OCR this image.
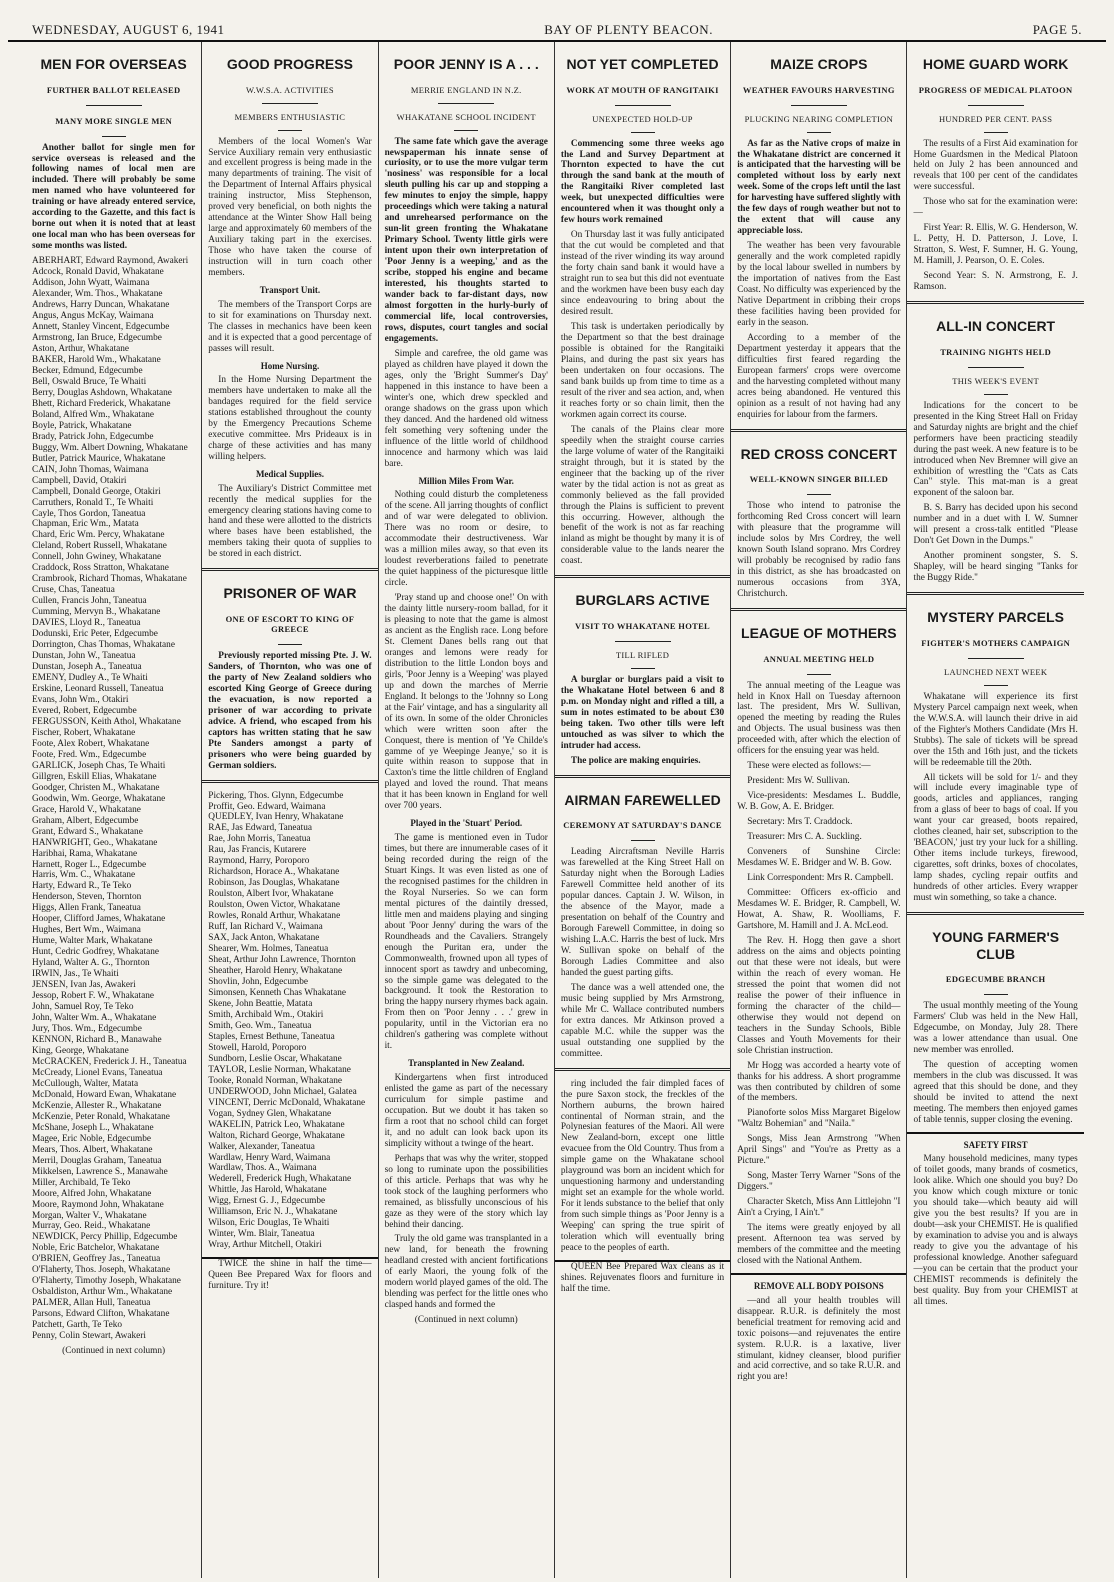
WEDNESDAY, AUGUST 6, 1941	BAY OF PLENTY BEACON.	PAGE 5.
MEN FOR OVERSEAS
FURTHER BALLOT RELEASED
MANY MORE SINGLE MEN

Another ballot for single men for service overseas is released and the following names of local men are included. There will probably be some men named who have volunteered for training or have already entered service, according to the Gazette, and this fact is borne out when it is noted that at least one local man who has been overseas for some months was listed.

ABERHART, Edward Raymond, Awakeri
Adcock, Ronald David, Whakatane
Addison, John Wyatt, Waimana
Alexander, Wm. Thos., Whakatane
Andrews, Harry Duncan, Whakatane
Angus, Angus McKay, Waimana
Annett, Stanley Vincent, Edgecumbe
Armstrong, Ian Bruce, Edgecumbe
Aston, Arthur, Whakatane
BAKER, Harold Wm., Whakatane
Becker, Edmund, Edgecumbe
Bell, Oswald Bruce, Te Whaiti
Berry, Douglas Ashdown, Whakatane
Bhett, Richard Frederick, Whakatane
Boland, Alfred Wm., Whakatane
Boyle, Patrick, Whakatane
Brady, Patrick John, Edgecumbe
Buggy, Wm. Albert Downing, Whakatane
Butler, Patrick Maurice, Whakatane
CAIN, John Thomas, Waimana
Campbell, David, Otakiri
Campbell, Donald George, Otakiri
Carruthers, Ronald T., Te Whaiti
Cayle, Thos Gordon, Taneatua
Chapman, Eric Wm., Matata
Chard, Eric Wm. Percy, Whakatane
Cleland, Robert Russell, Whakatane
Connell, John Gwiney, Whakatane
Craddock, Ross Stratton, Whakatane
Crambrook, Richard Thomas, Whakatane
Cruse, Chas, Taneatua
Cullen, Francis John, Taneatua
Cumming, Mervyn B., Whakatane
DAVIES, Lloyd R., Taneatua
Dodunski, Eric Peter, Edgecumbe
Dorrington, Chas Thomas, Whakatane
Dunstan, John W., Taneatua
Dunstan, Joseph A., Taneatua
EMENY, Dudley A., Te Whaiti
Erskine, Leonard Russell, Taneatua
Evans, John Wm., Otakiri
Evered, Robert, Edgecumbe
FERGUSSON, Keith Athol, Whakatane
Fischer, Robert, Whakatane
Foote, Alex Robert, Whakatane
Foote, Fred. Wm., Edgecumbe
GARLICK, Joseph Chas, Te Whaiti
Gillgren, Eskill Elias, Whakatane
Goodger, Christen M., Whakatane
Goodwin, Wm. George, Whakatane
Grace, Harold V., Whakatane
Graham, Albert, Edgecumbe
Grant, Edward S., Whakatane
HANWRIGHT, Geo., Whakatane
Haribhai, Rama, Whakatane
Harnett, Roger L., Edgecumbe
Harris, Wm. C., Whakatane
Harty, Edward R., Te Teko
Henderson, Steven, Thornton
Higgs, Allen Frank, Taneatua
Hooper, Clifford James, Whakatane
Hughes, Bert Wm., Waimana
Hume, Walter Mark, Whakatane
Hunt, Cedric Godfrey, Whakatane
Hyland, Walter A. G., Thornton
IRWIN, Jas., Te Whaiti
JENSEN, Ivan Jas, Awakeri
Jessop, Robert F. W., Whakatane
John, Samuel Roy, Te Teko
John, Walter Wm. A., Whakatane
Jury, Thos. Wm., Edgecumbe
KENNON, Richard B., Manawahe
King, George, Whakatane
McCRACKEN, Frederick J. H., Taneatua
McCready, Lionel Evans, Taneatua
McCullough, Walter, Matata
McDonald, Howard Ewan, Whakatane
McKenzie, Allester R., Whakatane
McKenzie, Peter Ronald, Whakatane
McShane, Joseph L., Whakatane
Magee, Eric Noble, Edgecumbe
Mears, Thos. Albert, Whakatane
Merril, Douglas Graham, Taneatua
Mikkelsen, Lawrence S., Manawahe
Miller, Archibald, Te Teko
Moore, Alfred John, Whakatane
Moore, Raymond John, Whakatane
Morgan, Walter V., Whakatane
Murray, Geo. Reid., Whakatane
NEWDICK, Percy Phillip, Edgecumbe
Noble, Eric Batchelor, Whakatane
O'BRIEN, Geoffrey Jas., Taneatua
O'Flaherty, Thos. Joseph, Whakatane
O'Flaherty, Timothy Joseph, Whakatane
Osbaldiston, Arthur Wm., Whakatane
PALMER, Allan Hull, Taneatua
Parsons, Edward Clifton, Whakatane
Patchett, Garth, Te Teko
Penny, Colin Stewart, Awakeri
(Continued in next column)
GOOD PROGRESS
W.W.S.A. ACTIVITIES
MEMBERS ENTHUSIASTIC

Members of the local Women's War Service Auxiliary remain very enthusiastic and excellent progress is being made in the many departments of training. The visit of the Department of Internal Affairs physical training instructor, Miss Stephenson, proved very beneficial, on both nights the attendance at the Winter Show Hall being large and approximately 60 members of the Auxiliary taking part in the exercises. Those who have taken the course of instruction will in turn coach other members.

Transport Unit.

The members of the Transport Corps are to sit for examinations on Thursday next. The classes in mechanics have been keen and it is expected that a good percentage of passes will result.

Home Nursing.

In the Home Nursing Department the members have undertaken to make all the bandages required for the field service stations established throughout the county by the Emergency Precautions Scheme executive committee. Mrs Prideaux is in charge of these activities and has many willing helpers.

Medical Supplies.

The Auxiliary's District Committee met recently the medical supplies for the emergency clearing stations having come to hand and these were allotted to the districts where bases have been established, the members taking their quota of supplies to be stored in each district.

PRISONER OF WAR
ONE OF ESCORT TO KING OF GREECE

Previously reported missing Pte. J. W. Sanders, of Thornton, who was one of the party of New Zealand soldiers who escorted King George of Greece during the evacuation, is now reported a prisoner of war according to private advice. A friend, who escaped from his captors has written stating that he saw Pte Sanders amongst a party of prisoners who were being guarded by German soldiers.

Pickering, Thos. Glynn, Edgecumbe
Proffit, Geo. Edward, Waimana
QUEDLEY, Ivan Henry, Whakatane
RAE, Jas Edward, Taneatua
Rae, John Morris, Taneatua
Rau, Jas Francis, Kutarere
Raymond, Harry, Poroporo
Richardson, Horace A., Whakatane
Robinson, Jas Douglas, Whakatane
Roulston, Albert Ivor, Whakatane
Roulston, Owen Victor, Whakatane
Rowles, Ronald Arthur, Whakatane
Ruff, Ian Richard V., Waimana
SAX, Jack Anton, Whakatane
Shearer, Wm. Holmes, Taneatua
Sheat, Arthur John Lawrence, Thornton
Sheather, Harold Henry, Whakatane
Shovlin, John, Edgecumbe
Simonsen, Kenneth Chas Whakatane
Skene, John Beattie, Matata
Smith, Archibald Wm., Otakiri
Smith, Geo. Wm., Taneatua
Staples, Ernest Bethune, Taneatua
Stowell, Harold, Poroporo
Sundborn, Leslie Oscar, Whakatane
TAYLOR, Leslie Norman, Whakatane
Tooke, Ronald Norman, Whakatane
UNDERWOOD, John Michael, Galatea
VINCENT, Derric McDonald, Whakatane
Vogan, Sydney Glen, Whakatane
WAKELIN, Patrick Leo, Whakatane
Walton, Richard George, Whakatane
Walker, Alexander, Taneatua
Wardlaw, Henry Ward, Waimana
Wardlaw, Thos. A., Waimana
Wederell, Frederick Hugh, Whakatane
Whittle, Jas Harold, Whakatane
Wigg, Ernest G. J., Edgecumbe
Williamson, Eric N. J., Whakatane
Wilson, Eric Douglas, Te Whaiti
Winter, Wm. Blair, Taneatua
Wray, Arthur Mitchell, Otakiri

TWICE the shine in half the time—Queen Bee Prepared Wax for floors and furniture. Try it!

POOR JENNY IS A . . .
MERRIE ENGLAND IN N.Z.
WHAKATANE SCHOOL INCIDENT

The same fate which gave the average newspaperman his innate sense of curiosity, or to use the more vulgar term 'nosiness' was responsible for a local sleuth pulling his car up and stopping a few minutes to enjoy the simple, happy proceedings which were taking a natural and unrehearsed performance on the sun-lit green fronting the Whakatane Primary School. Twenty little girls were intent upon their own interpretation of 'Poor Jenny is a weeping,' and as the scribe, stopped his engine and became interested, his thoughts started to wander back to far-distant days, now almost forgotten in the hurly-burly of commercial life, local controversies, rows, disputes, court tangles and social engagements.

Simple and carefree, the old game was played as children have played it down the ages, only the 'Bright Summer's Day' happened in this instance to have been a winter's one, which drew speckled and orange shadows on the grass upon which they danced. And the hardened old witness felt something very softening under the influence of the little world of childhood innocence and harmony which was laid bare.

Million Miles From War.

Nothing could disturb the completeness of the scene. All jarring thoughts of conflict and of war were delegated to oblivion. There was no room or desire, to accommodate their destructiveness. War was a million miles away, so that even its loudest reverberations failed to penetrate the quiet happiness of the picturesque little circle.

'Pray stand up and choose one!' On with the dainty little nursery-room ballad, for it is pleasing to note that the game is almost as ancient as the English race. Long before St. Clement Danes bells rang out that oranges and lemons were ready for distribution to the little London boys and girls, 'Poor Jenny is a Weeping' was played up and down the marches of Merrie England. It belongs to the 'Johnny so Long at the Fair' vintage, and has a singularity all of its own. In some of the older Chronicles which were written soon after the Conquest, there is mention of 'Ye Childe's gamme of ye Weepinge Jeanye,' so it is quite within reason to suppose that in Caxton's time the little children of England played and loved the round. That means that it has been known in England for well over 700 years.

Played in the 'Stuart' Period.

The game is mentioned even in Tudor times, but there are innumerable cases of it being recorded during the reign of the Stuart Kings. It was even listed as one of the recognised pastimes for the children in the Royal Nurseries. So we can form mental pictures of the daintily dressed, little men and maidens playing and singing about 'Poor Jenny' during the wars of the Roundheads and the Cavaliers. Strangely enough the Puritan era, under the Commonwealth, frowned upon all types of innocent sport as tawdry and unbecoming, so the simple game was delegated to the background. It took the Restoration to bring the happy nursery rhymes back again. From then on 'Poor Jenny . . .' grew in popularity, until in the Victorian era no children's gathering was complete without it.

Transplanted in New Zealand.

Kindergartens when first introduced enlisted the game as part of the necessary curriculum for simple pastime and occupation. But we doubt it has taken so firm a root that no school child can forget it, and no adult can look back upon its simplicity without a twinge of the heart.

Perhaps that was why the writer, stopped so long to ruminate upon the possibilities of this article. Perhaps that was why he took stock of the laughing performers who remained, as blissfully unconscious of his gaze as they were of the story which lay behind their dancing.

Truly the old game was transplanted in a new land, for beneath the frowning headland crested with ancient fortifications of early Maori, the young folk of the modern world played games of the old. The blending was perfect for the little ones who clasped hands and formed the

(Continued in next column)
NOT YET COMPLETED
WORK AT MOUTH OF RANGITAIKI
UNEXPECTED HOLD-UP

Commencing some three weeks ago the Land and Survey Department at Thornton expected to have the cut through the sand bank at the mouth of the Rangitaiki River completed last week, but unexpected difficulties were encountered when it was thought only a few hours work remained

On Thursday last it was fully anticipated that the cut would be completed and that instead of the river winding its way around the forty chain sand bank it would have a straight run to sea but this did not eventuate and the workmen have been busy each day since endeavouring to bring about the desired result.

This task is undertaken periodically by the Department so that the best drainage possible is obtained for the Rangitaiki Plains, and during the past six years has been undertaken on four occasions. The sand bank builds up from time to time as a result of the river and sea action, and, when it reaches forty or so chain limit, then the workmen again correct its course.

The canals of the Plains clear more speedily when the straight course carries the large volume of water of the Rangitaiki straight through, but it is stated by the engineer that the backing up of the river water by the tidal action is not as great as commonly believed as the fall provided through the Plains is sufficient to prevent this occurring. However, although the benefit of the work is not as far reaching inland as might be thought by many it is of considerable value to the lands nearer the coast.

BURGLARS ACTIVE
VISIT TO WHAKATANE HOTEL
TILL RIFLED

A burglar or burglars paid a visit to the Whakatane Hotel between 6 and 8 p.m. on Monday night and rifled a till, a sum in notes estimated to be about £30 being taken. Two other tills were left untouched as was silver to which the intruder had access.

The police are making enquiries.

AIRMAN FAREWELLED
CEREMONY AT SATURDAY'S DANCE

Leading Aircraftsman Neville Harris was farewelled at the King Street Hall on Saturday night when the Borough Ladies Farewell Committee held another of its popular dances. Captain J. W. Wilson, in the absence of the Mayor, made a presentation on behalf of the Country and Borough Farewell Committee, in doing so wishing L.A.C. Harris the best of luck. Mrs W. Sullivan spoke on behalf of the Borough Ladies Committee and also handed the guest parting gifts.

The dance was a well attended one, the music being supplied by Mrs Armstrong, while Mr C. Wallace contributed numbers for extra dances. Mr Atkinson proved a capable M.C. while the supper was the usual outstanding one supplied by the committee.

ring included the fair dimpled faces of the pure Saxon stock, the freckles of the Northern auburns, the brown haired continental of Norman strain, and the Polynesian features of the Maori. All were New Zealand-born, except one little evacuee from the Old Country. Thus from a simple game on the Whakatane school playground was born an incident which for unquestioning harmony and understanding might set an example for the whole world. For it lends substance to the belief that only from such simple things as 'Poor Jenny is a Weeping' can spring the true spirit of toleration which will eventually bring peace to the peoples of earth.

QUEEN Bee Prepared Wax cleans as it shines. Rejuvenates floors and furniture in half the time.

MAIZE CROPS
WEATHER FAVOURS HARVESTING
PLUCKING NEARING COMPLETION

As far as the Native crops of maize in the Whakatane district are concerned it is anticipated that the harvesting will be completed without loss by early next week. Some of the crops left until the last for harvesting have suffered slightly with the few days of rough weather but not to the extent that will cause any appreciable loss.

The weather has been very favourable generally and the work completed rapidly by the local labour swelled in numbers by the importation of natives from the East Coast. No difficulty was experienced by the Native Department in cribbing their crops these facilities having been provided for early in the season.

According to a member of the Department yesterday it appears that the difficulties first feared regarding the European farmers' crops were overcome and the harvesting completed without many acres being abandoned. He ventured this opinion as a result of not having had any enquiries for labour from the farmers.

RED CROSS CONCERT
WELL-KNOWN SINGER BILLED

Those who intend to patronise the forthcoming Red Cross concert will learn with pleasure that the programme will include solos by Mrs Cordrey, the well known South Island soprano. Mrs Cordrey will probably be recognised by radio fans in this district, as she has broadcasted on numerous occasions from 3YA, Christchurch.

LEAGUE OF MOTHERS
ANNUAL MEETING HELD

The annual meeting of the League was held in Knox Hall on Tuesday afternoon last. The president, Mrs W. Sullivan, opened the meeting by reading the Rules and Objects. The usual business was then proceeded with, after which the election of officers for the ensuing year was held.

These were elected as follows:—

President: Mrs W. Sullivan.

Vice-presidents: Mesdames L. Buddle, W. B. Gow, A. E. Bridger.

Secretary: Mrs T. Craddock.

Treasurer: Mrs C. A. Suckling.

Conveners of Sunshine Circle: Mesdames W. E. Bridger and W. B. Gow.

Link Correspondent: Mrs R. Campbell.

Committee: Officers ex-officio and Mesdames W. E. Bridger, R. Campbell, W. Howat, A. Shaw, R. Woolliams, F. Gartshore, M. Hamill and J. A. McLeod.

The Rev. H. Hogg then gave a short address on the aims and objects pointing out that these were not ideals, but were within the reach of every woman. He stressed the point that women did not realise the power of their influence in forming the character of the child—otherwise they would not depend on teachers in the Sunday Schools, Bible Classes and Youth Movements for their sole Christian instruction.

Mr Hogg was accorded a hearty vote of thanks for his address. A short programme was then contributed by children of some of the members.

Pianoforte solos Miss Margaret Bigelow "Waltz Bohemian" and "Naila."

Songs, Miss Jean Armstrong "When April Sings" and "You're as Pretty as a Picture."

Song, Master Terry Warner "Sons of the Diggers."

Character Sketch, Miss Ann Littlejohn "I Ain't a Crying, I Ain't."

The items were greatly enjoyed by all present. Afternoon tea was served by members of the committee and the meeting closed with the National Anthem.

REMOVE ALL BODY POISONS

—and all your health troubles will disappear. R.U.R. is definitely the most beneficial treatment for removing acid and toxic poisons—and rejuvenates the entire system. R.U.R. is a laxative, liver stimulant, kidney cleanser, blood purifier and acid corrective, and so take R.U.R. and right you are!

HOME GUARD WORK
PROGRESS OF MEDICAL PLATOON
HUNDRED PER CENT. PASS

The results of a First Aid examination for Home Guardsmen in the Medical Platoon held on July 2 has been announced and reveals that 100 per cent of the candidates were successful.

Those who sat for the examination were:—

First Year: R. Ellis, W. G. Henderson, W. L. Petty, H. D. Patterson, J. Love, I. Stratton, S. West, F. Sumner, H. G. Young, M. Hamill, J. Pearson, O. E. Coles.

Second Year: S. N. Armstrong, E. J. Ramson.

ALL-IN CONCERT
TRAINING NIGHTS HELD
THIS WEEK'S EVENT

Indications for the concert to be presented in the King Street Hall on Friday and Saturday nights are bright and the chief performers have been practicing steadily during the past week. A new feature is to be introduced when Nev Bremner will give an exhibition of wrestling the "Cats as Cats Can" style. This mat-man is a great exponent of the saloon bar.

B. S. Barry has decided upon his second number and in a duet with I. W. Sumner will present a cross-talk entitled "Please Don't Get Down in the Dumps."

Another prominent songster, S. S. Shapley, will be heard singing "Tanks for the Buggy Ride."

MYSTERY PARCELS
FIGHTER'S MOTHERS CAMPAIGN
LAUNCHED NEXT WEEK

Whakatane will experience its first Mystery Parcel campaign next week, when the W.W.S.A. will launch their drive in aid of the Fighter's Mothers Candidate (Mrs H. Stubbs). The sale of tickets will be spread over the 15th and 16th just, and the tickets will be redeemable till the 20th.

All tickets will be sold for 1/- and they will include every imaginable type of goods, articles and appliances, ranging from a glass of beer to bags of coal. If you want your car greased, boots repaired, clothes cleaned, hair set, subscription to the 'BEACON,' just try your luck for a shilling. Other items include turkeys, firewood, cigarettes, soft drinks, boxes of chocolates, lamp shades, cycling repair outfits and hundreds of other articles. Every wrapper must win something, so take a chance.

YOUNG FARMER'S CLUB
EDGECUMBE BRANCH

The usual monthly meeting of the Young Farmers' Club was held in the New Hall, Edgecumbe, on Monday, July 28. There was a lower attendance than usual. One new member was enrolled.

The question of accepting women members in the club was discussed. It was agreed that this should be done, and they should be invited to attend the next meeting. The members then enjoyed games of table tennis, supper closing the evening.

SAFETY FIRST

Many household medicines, many types of toilet goods, many brands of cosmetics, look alike. Which one should you buy? Do you know which cough mixture or tonic you should take—which beauty aid will give you the best results? If you are in doubt—ask your CHEMIST. He is qualified by examination to advise you and is always ready to give you the advantage of his professional knowledge. Another safeguard—you can be certain that the product your CHEMIST recommends is definitely the best quality. Buy from your CHEMIST at all times.
